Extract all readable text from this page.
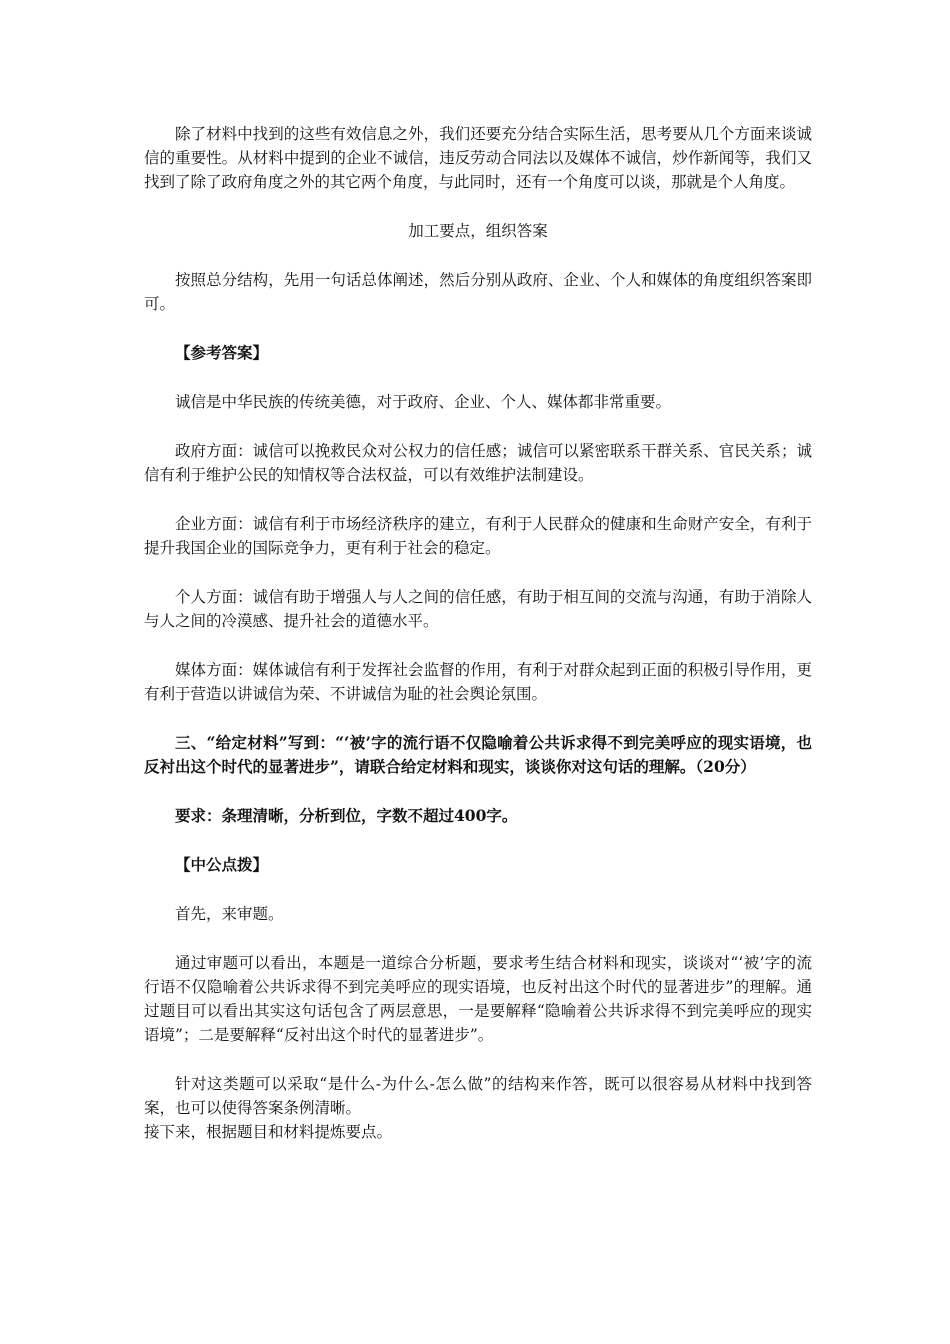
除了材料中找到的这些有效信息之外，我们还要充分结合实际生活，思考要从几个方面来谈诚信的重要性。从材料中提到的企业不诚信，违反劳动合同法以及媒体不诚信，炒作新闻等，我们又找到了除了政府角度之外的其它两个角度，与此同时，还有一个角度可以谈，那就是个人角度。

加工要点，组织答案

按照总分结构，先用一句话总体阐述，然后分别从政府、企业、个人和媒体的角度组织答案即可。

【参考答案】

诚信是中华民族的传统美德，对于政府、企业、个人、媒体都非常重要。

政府方面：诚信可以挽救民众对公权力的信任感；诚信可以紧密联系干群关系、官民关系；诚信有利于维护公民的知情权等合法权益，可以有效维护法制建设。

企业方面：诚信有利于市场经济秩序的建立，有利于人民群众的健康和生命财产安全，有利于提升我国企业的国际竞争力，更有利于社会的稳定。

个人方面：诚信有助于增强人与人之间的信任感，有助于相互间的交流与沟通，有助于消除人与人之间的冷漠感、提升社会的道德水平。

媒体方面：媒体诚信有利于发挥社会监督的作用，有利于对群众起到正面的积极引导作用，更有利于营造以讲诚信为荣、不讲诚信为耻的社会舆论氛围。

三、“给定材料”写到：“‘被’字的流行语不仅隐喻着公共诉求得不到完美呼应的现实语境，也反衬出这个时代的显著进步”，请联合给定材料和现实，谈谈你对这句话的理解。（20分）

要求：条理清晰，分析到位，字数不超过400字。

【中公点拨】

首先，来审题。

通过审题可以看出，本题是一道综合分析题，要求考生结合材料和现实，谈谈对“‘被’字的流行语不仅隐喻着公共诉求得不到完美呼应的现实语境，也反衬出这个时代的显著进步”的理解。通过题目可以看出其实这句话包含了两层意思，一是要解释“隐喻着公共诉求得不到完美呼应的现实语境”；二是要解释“反衬出这个时代的显著进步”。

针对这类题可以采取“是什么-为什么-怎么做”的结构来作答，既可以很容易从材料中找到答案，也可以使得答案条例清晰。

接下来，根据题目和材料提炼要点。
